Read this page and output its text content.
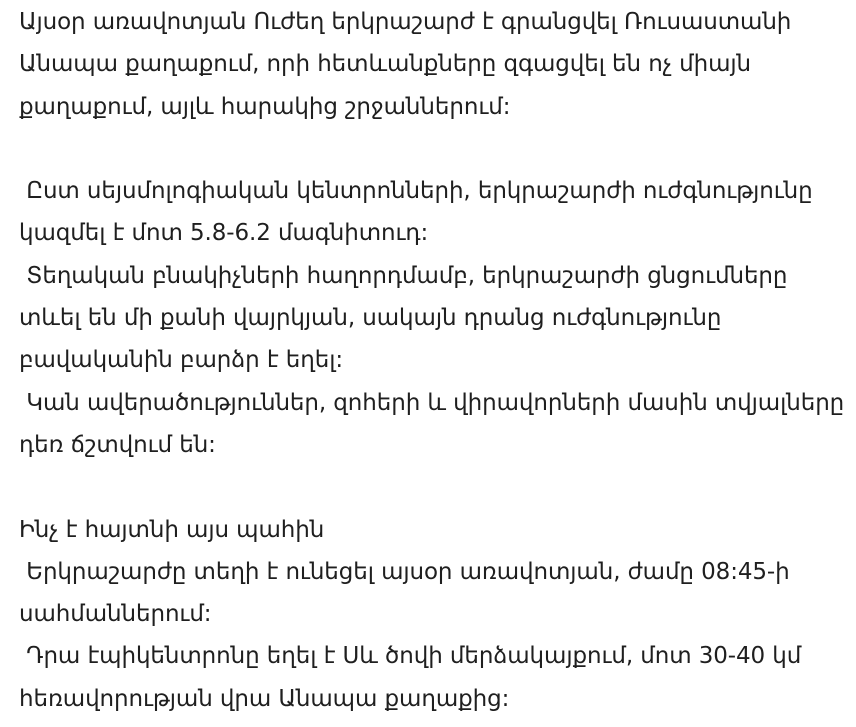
Այսօր առավոտյան Ուժեղ երկրաշարժ է գրանցվել Ռուսաստանի Անապա քաղաքում, որի հետևանքները զգացվել են ոչ միայն քաղաքում, այլև հարակից շրջաններում:

Ըստ սեյսմոլոգիական կենտրոնների, երկրաշարժի ուժգնությունը կազմել է մոտ 5.8-6.2 մագնիտուդ:

Տեղական բնակիչների հաղորդմամբ, երկրաշարժի ցնցումները տևել են մի քանի վայրկյան, սակայն դրանց ուժգնությունը բավականին բարձր է եղել:

Կան ավերածություններ, զոհերի և վիրավորների մասին տվյալները դեռ ճշտվում են:

Ինչ է հայտնի այս պահին

Երկրաշարժը տեղի է ունեցել այսօր առավոտյան, ժամը 08:45-ի սահմաններում:

Դրա էպիկենտրոնը եղել է Սև ծովի մերձակայքում, մոտ 30-40 կմ հեռավորության վրա Անապա քաղաքից:
